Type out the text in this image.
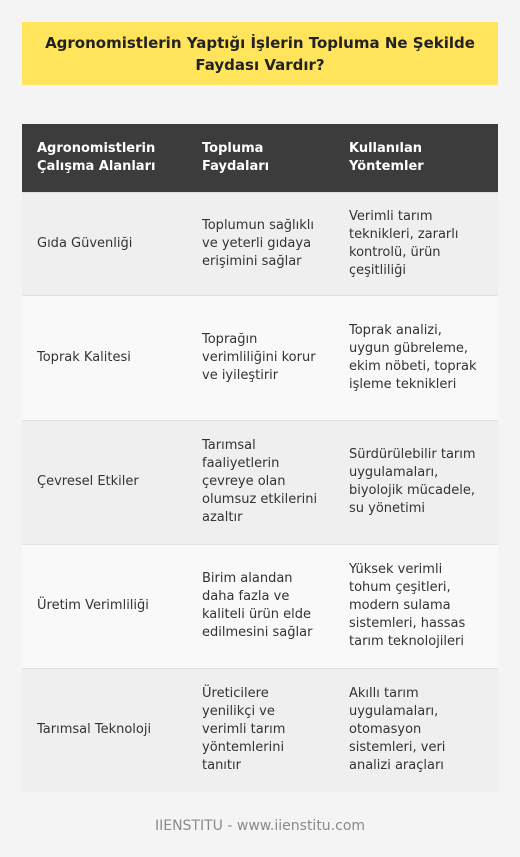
Agronomistlerin Yaptığı İşlerin Topluma Ne Şekilde Faydası Vardır?
Agronomistlerin Çalışma Alanları	Topluma Faydaları	Kullanılan Yöntemler
Gıda Güvenliği	Toplumun sağlıklı ve yeterli gıdaya erişimini sağlar	Verimli tarım teknikleri, zararlı kontrolü, ürün çeşitliliği
Toprak Kalitesi	Toprağın verimliliğini korur ve iyileştirir	Toprak analizi, uygun gübreleme, ekim nöbeti, toprak işleme teknikleri
Çevresel Etkiler	Tarımsal faaliyetlerin çevreye olan olumsuz etkilerini azaltır	Sürdürülebilir tarım uygulamaları, biyolojik mücadele, su yönetimi
Üretim Verimliliği	Birim alandan daha fazla ve kaliteli ürün elde edilmesini sağlar	Yüksek verimli tohum çeşitleri, modern sulama sistemleri, hassas tarım teknolojileri
Tarımsal Teknoloji	Üreticilere yenilikçi ve verimli tarım yöntemlerini tanıtır	Akıllı tarım uygulamaları, otomasyon sistemleri, veri analizi araçları
IIENSTITU - www.iienstitu.com
